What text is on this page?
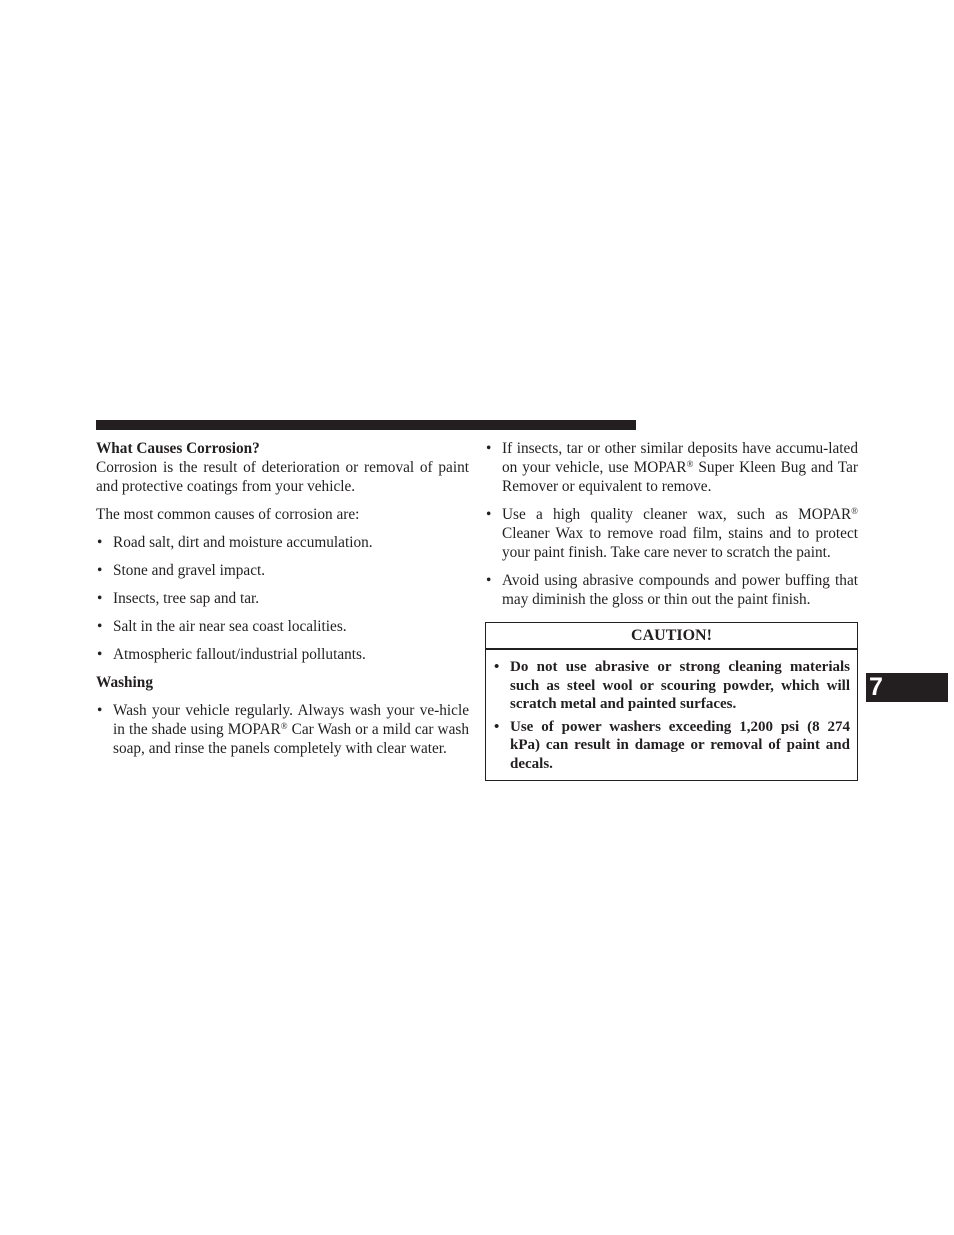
What Causes Corrosion?

Corrosion is the result of deterioration or removal of paint and protective coatings from your vehicle.

The most common causes of corrosion are:

• Road salt, dirt and moisture accumulation.
• Stone and gravel impact.
• Insects, tree sap and tar.
• Salt in the air near sea coast localities.
• Atmospheric fallout/industrial pollutants.

Washing

• Wash your vehicle regularly. Always wash your ve-hicle in the shade using MOPAR® Car Wash or a mild car wash soap, and rinse the panels completely with clear water.
• If insects, tar or other similar deposits have accumu-lated on your vehicle, use MOPAR® Super Kleen Bug and Tar Remover or equivalent to remove.
• Use a high quality cleaner wax, such as MOPAR® Cleaner Wax to remove road film, stains and to protect your paint finish. Take care never to scratch the paint.
• Avoid using abrasive compounds and power buffing that may diminish the gloss or thin out the paint finish.
CAUTION!
• Do not use abrasive or strong cleaning materials such as steel wool or scouring powder, which will scratch metal and painted surfaces.
• Use of power washers exceeding 1,200 psi (8 274 kPa) can result in damage or removal of paint and decals.
7
